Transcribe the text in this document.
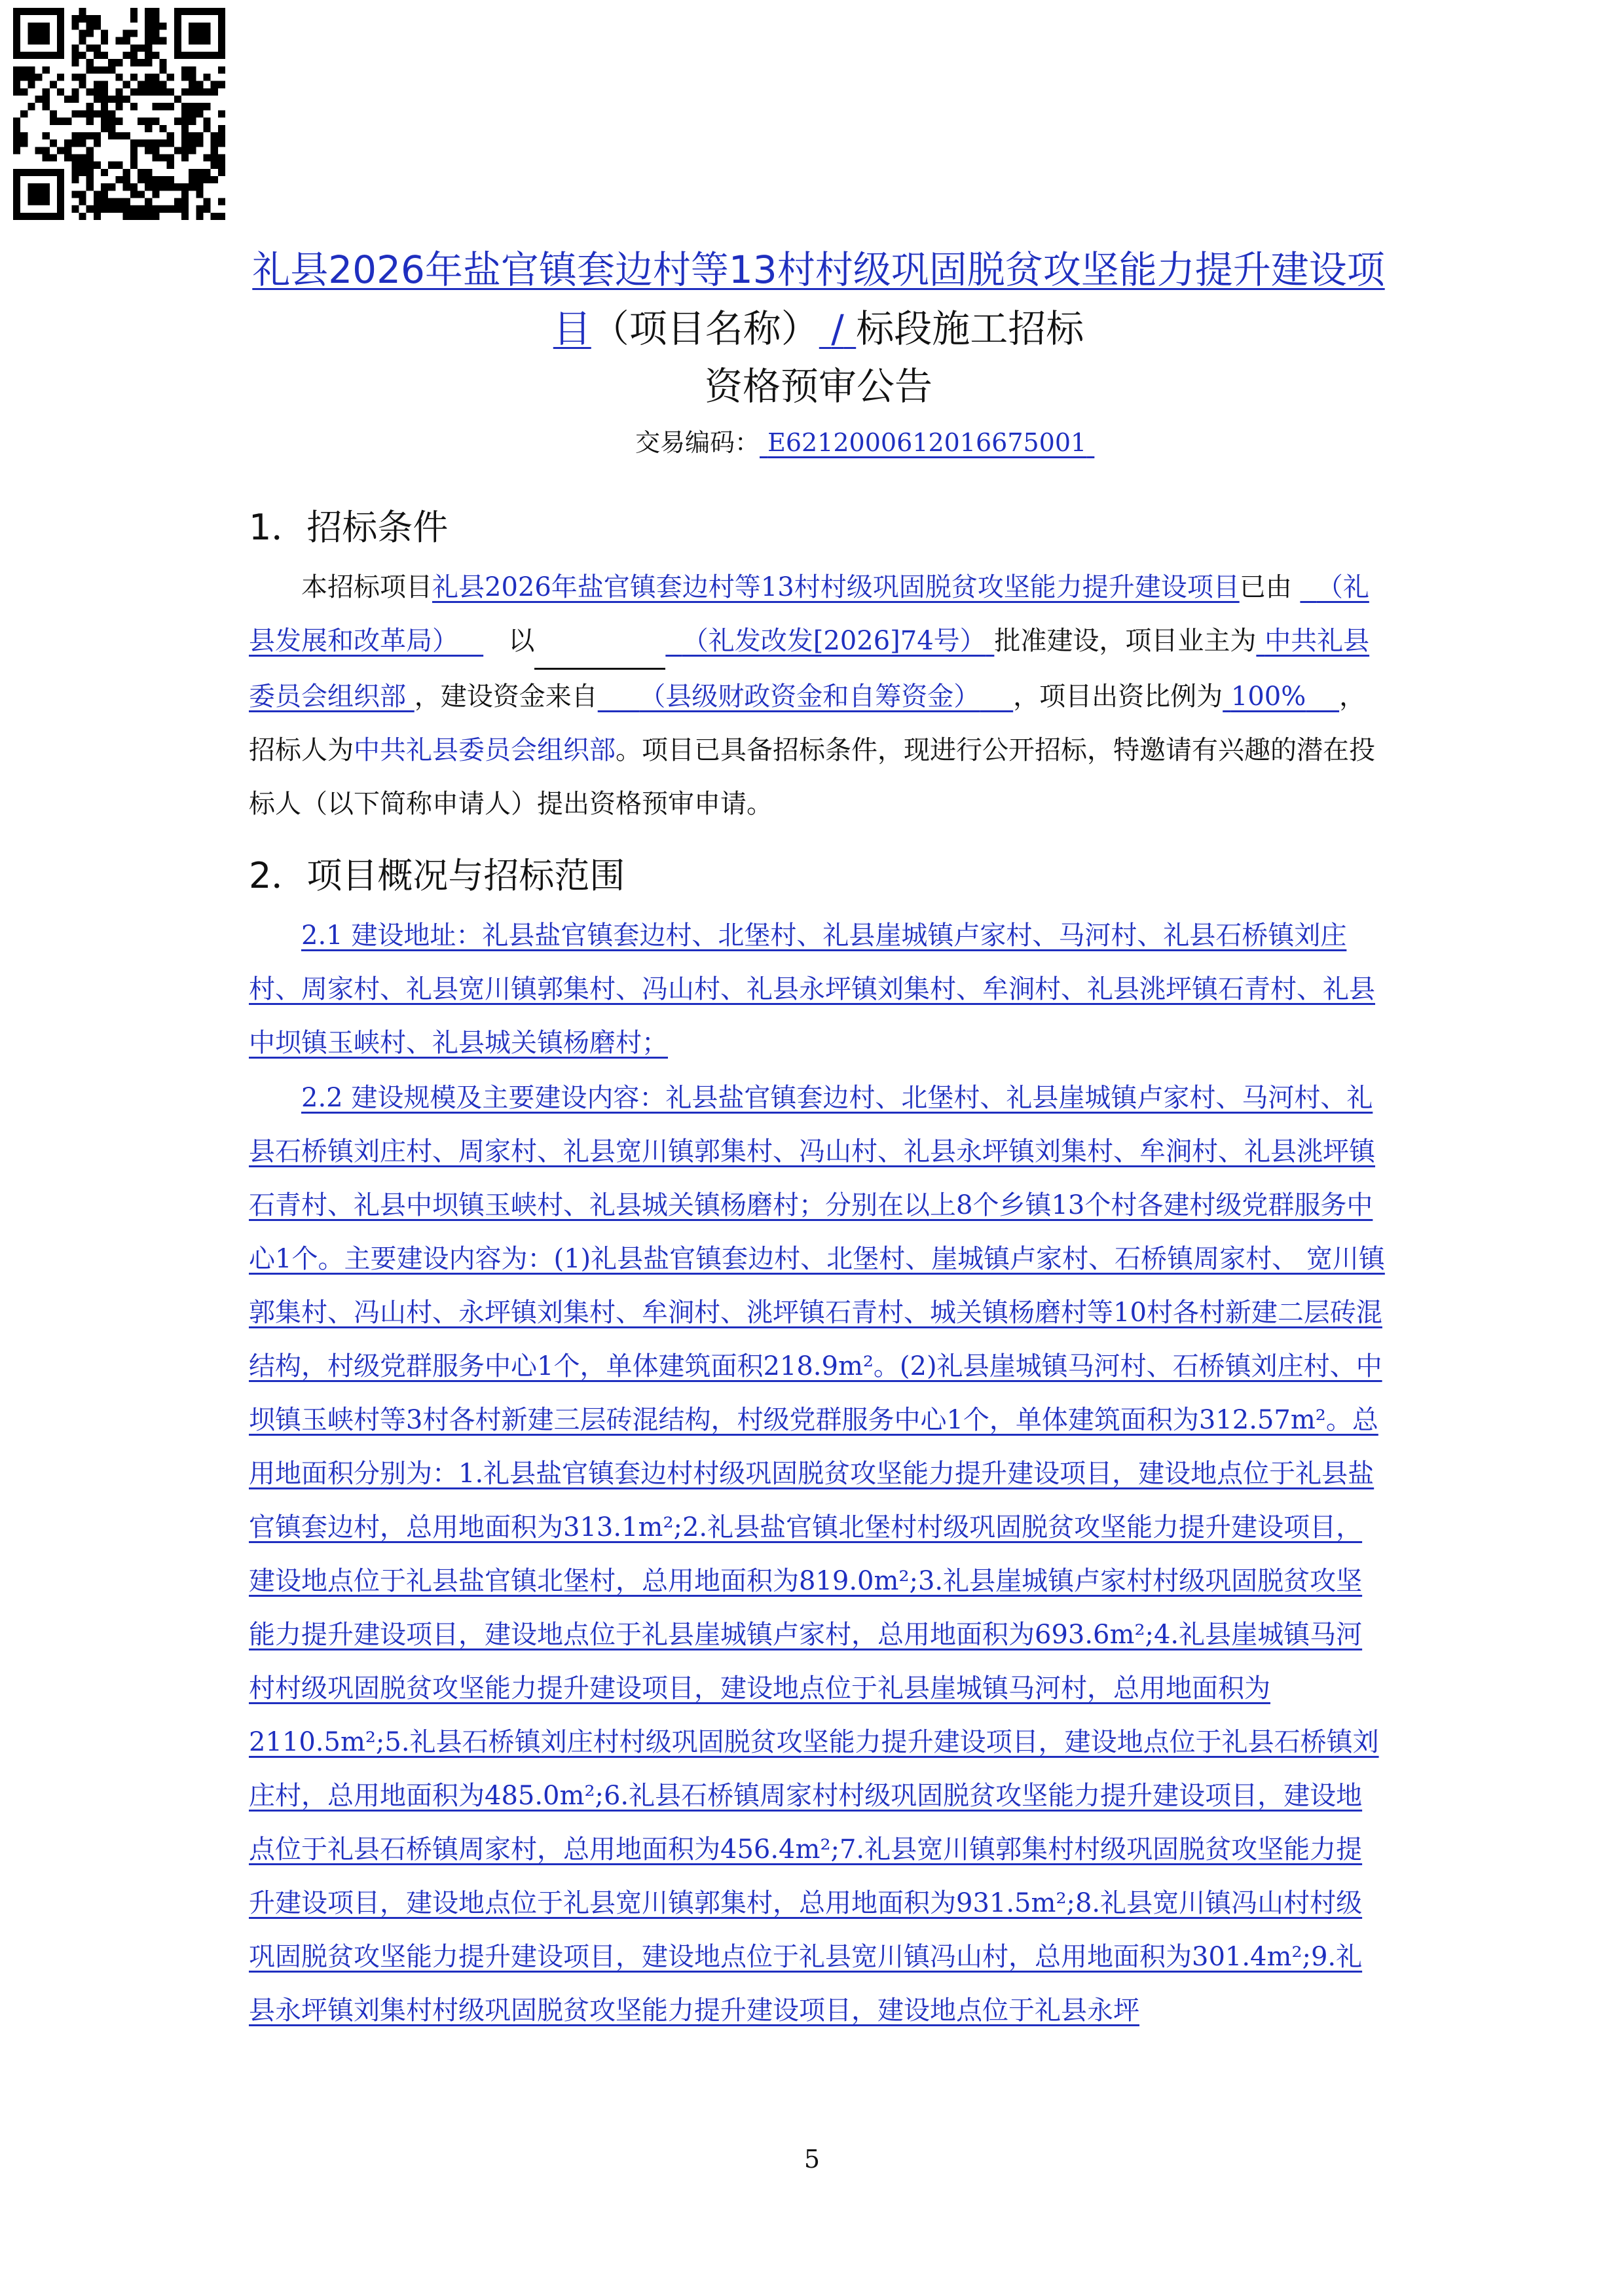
礼县2026年盐官镇套边村等13村村级巩固脱贫攻坚能力提升建设项
目（项目名称） / 标段施工招标
资格预审公告
交易编码： E6212000612016675001
1．招标条件

本招标项目礼县2026年盐官镇套边村等13村村级巩固脱贫攻坚能力提升建设项目已由 （礼县发展和改革局） 以	（礼发改发[2026]74号） 批准建设，项目业主为 中共礼县委员会组织部 ，建设资金来自 （县级财政资金和自筹资金） ，项目出资比例为 100% ，招标人为中共礼县委员会组织部。项目已具备招标条件，现进行公开招标，特邀请有兴趣的潜在投标人（以下简称申请人）提出资格预审申请。

2．项目概况与招标范围

2.1 建设地址：礼县盐官镇套边村、北堡村、礼县崖城镇卢家村、马河村、礼县石桥镇刘庄村、周家村、礼县宽川镇郭集村、冯山村、礼县永坪镇刘集村、牟涧村、礼县洮坪镇石青村、礼县中坝镇玉峡村、礼县城关镇杨磨村；

2.2 建设规模及主要建设内容：礼县盐官镇套边村、北堡村、礼县崖城镇卢家村、马河村、礼县石桥镇刘庄村、周家村、礼县宽川镇郭集村、冯山村、礼县永坪镇刘集村、牟涧村、礼县洮坪镇石青村、礼县中坝镇玉峡村、礼县城关镇杨磨村；分别在以上8个乡镇13个村各建村级党群服务中心1个。主要建设内容为：(1)礼县盐官镇套边村、北堡村、崖城镇卢家村、石桥镇周家村、 宽川镇郭集村、冯山村、永坪镇刘集村、牟涧村、洮坪镇石青村、城关镇杨磨村等10村各村新建二层砖混结构，村级党群服务中心1个，单体建筑面积218.9m²。(2)礼县崖城镇马河村、石桥镇刘庄村、中坝镇玉峡村等3村各村新建三层砖混结构，村级党群服务中心1个，单体建筑面积为312.57m²。总用地面积分别为：1.礼县盐官镇套边村村级巩固脱贫攻坚能力提升建设项目，建设地点位于礼县盐官镇套边村，总用地面积为313.1m²;2.礼县盐官镇北堡村村级巩固脱贫攻坚能力提升建设项目，建设地点位于礼县盐官镇北堡村，总用地面积为819.0m²;3.礼县崖城镇卢家村村级巩固脱贫攻坚能力提升建设项目，建设地点位于礼县崖城镇卢家村，总用地面积为693.6m²;4.礼县崖城镇马河村村级巩固脱贫攻坚能力提升建设项目，建设地点位于礼县崖城镇马河村，总用地面积为2110.5m²;5.礼县石桥镇刘庄村村级巩固脱贫攻坚能力提升建设项目，建设地点位于礼县石桥镇刘庄村，总用地面积为485.0m²;6.礼县石桥镇周家村村级巩固脱贫攻坚能力提升建设项目，建设地点位于礼县石桥镇周家村，总用地面积为456.4m²;7.礼县宽川镇郭集村村级巩固脱贫攻坚能力提升建设项目，建设地点位于礼县宽川镇郭集村，总用地面积为931.5m²;8.礼县宽川镇冯山村村级巩固脱贫攻坚能力提升建设项目，建设地点位于礼县宽川镇冯山村，总用地面积为301.4m²;9.礼县永坪镇刘集村村级巩固脱贫攻坚能力提升建设项目，建设地点位于礼县永坪

5
